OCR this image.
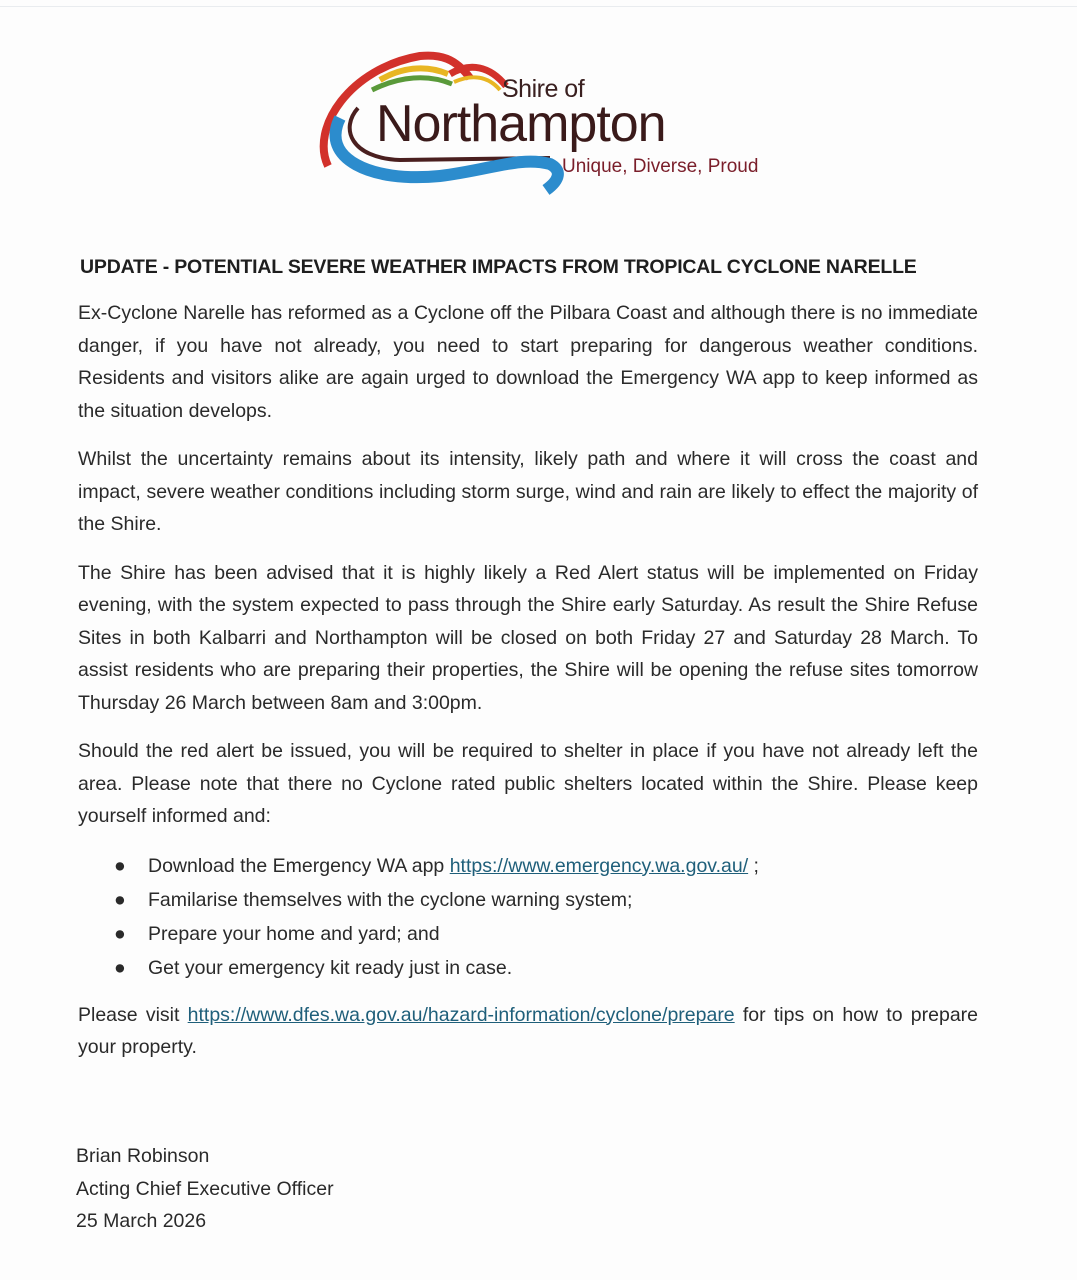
Shire of
Northampton
Unique, Diverse, Proud
UPDATE - POTENTIAL SEVERE WEATHER IMPACTS FROM TROPICAL CYCLONE NARELLE

Ex-Cyclone Narelle has reformed as a Cyclone off the Pilbara Coast and although there is no immediate danger, if you have not already, you need to start preparing for dangerous weather conditions. Residents and visitors alike are again urged to download the Emergency WA app to keep informed as the situation develops.

Whilst the uncertainty remains about its intensity, likely path and where it will cross the coast and impact, severe weather conditions including storm surge, wind and rain are likely to effect the majority of the Shire.

The Shire has been advised that it is highly likely a Red Alert status will be implemented on Friday evening, with the system expected to pass through the Shire early Saturday. As result the Shire Refuse Sites in both Kalbarri and Northampton will be closed on both Friday 27 and Saturday 28 March. To assist residents who are preparing their properties, the Shire will be opening the refuse sites tomorrow Thursday 26 March between 8am and 3:00pm.

Should the red alert be issued, you will be required to shelter in place if you have not already left the area. Please note that there no Cyclone rated public shelters located within the Shire. Please keep yourself informed and:

● Download the Emergency WA app https://www.emergency.wa.gov.au/ ;
● Familarise themselves with the cyclone warning system;
● Prepare your home and yard; and
● Get your emergency kit ready just in case.

Please visit https://www.dfes.wa.gov.au/hazard-information/cyclone/prepare for tips on how to prepare your property.

Brian Robinson
Acting Chief Executive Officer
25 March 2026
